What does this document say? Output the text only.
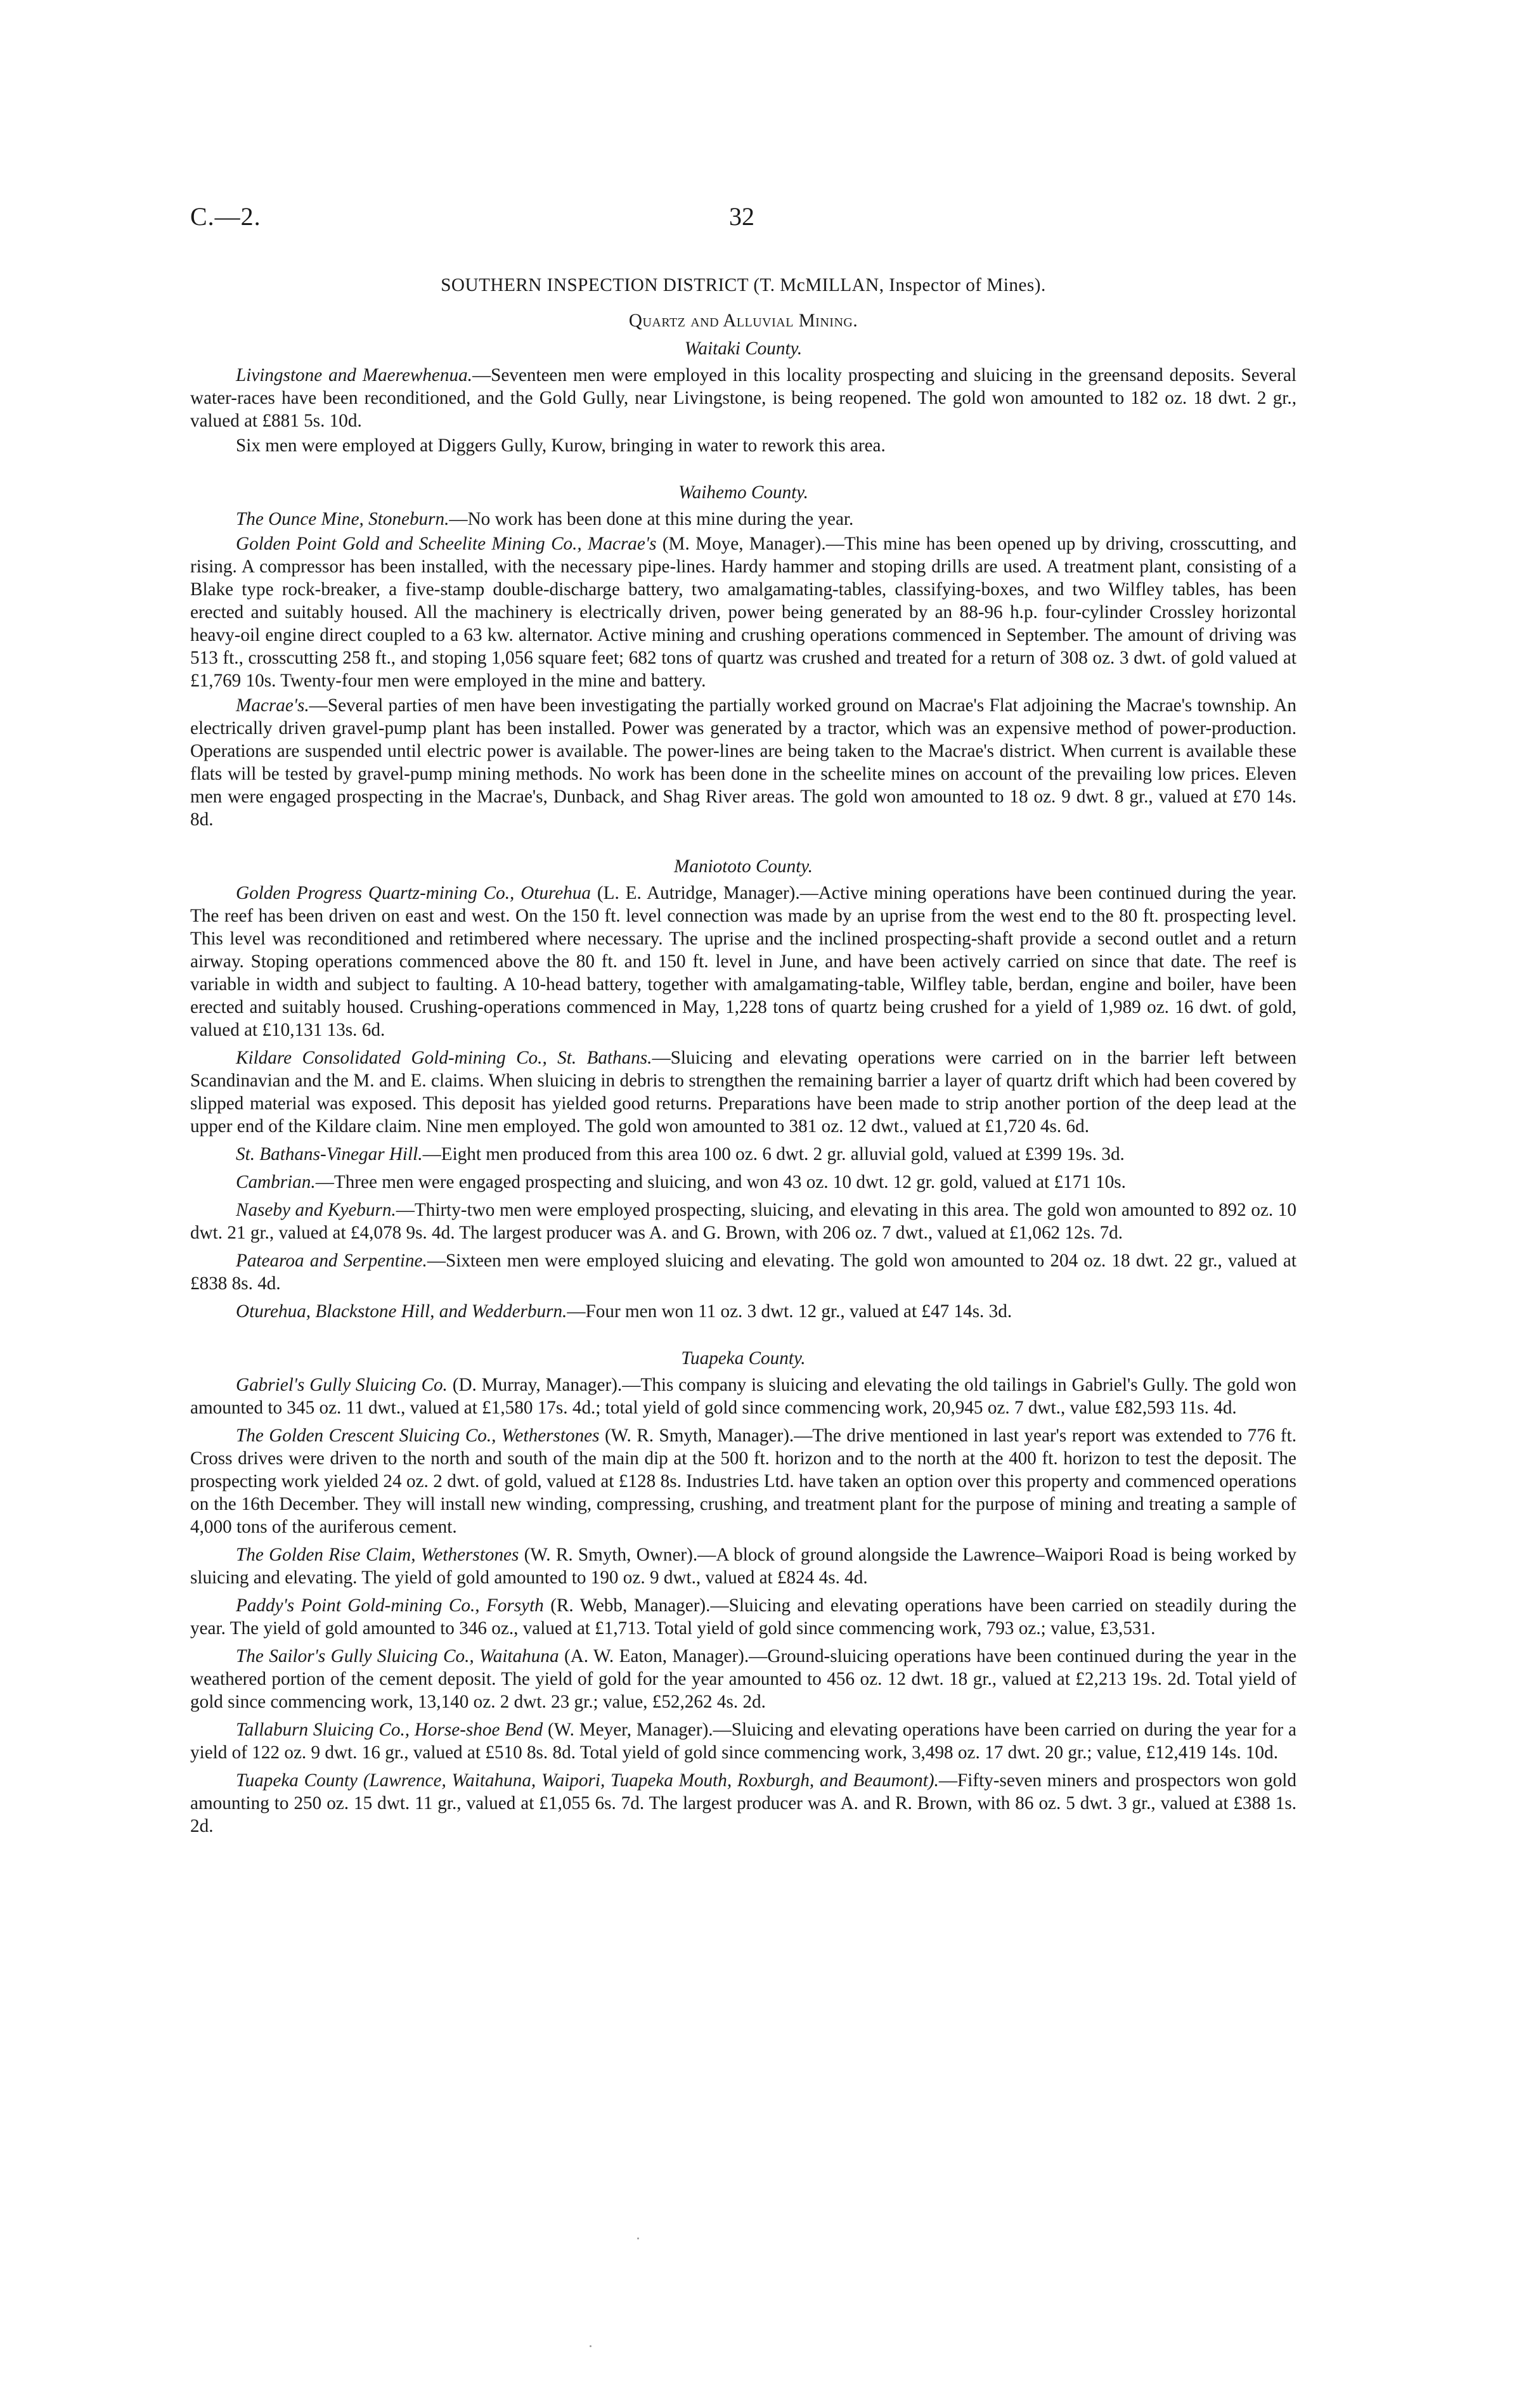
C.—2.	32
SOUTHERN INSPECTION DISTRICT (T. McMILLAN, Inspector of Mines).
Quartz and Alluvial Mining.
Waitaki County.

Livingstone and Maerewhenua.—Seventeen men were employed in this locality prospecting and sluicing in the greensand deposits. Several water-races have been reconditioned, and the Gold Gully, near Livingstone, is being reopened. The gold won amounted to 182 oz. 18 dwt. 2 gr., valued at £881 5s. 10d.

Six men were employed at Diggers Gully, Kurow, bringing in water to rework this area.

Waihemo County.

The Ounce Mine, Stoneburn.—No work has been done at this mine during the year.

Golden Point Gold and Scheelite Mining Co., Macrae's (M. Moye, Manager).—This mine has been opened up by driving, crosscutting, and rising. A compressor has been installed, with the necessary pipe-lines. Hardy hammer and stoping drills are used. A treatment plant, consisting of a Blake type rock-breaker, a five-stamp double-discharge battery, two amalgamating-tables, classifying-boxes, and two Wilfley tables, has been erected and suitably housed. All the machinery is electrically driven, power being generated by an 88-96 h.p. four-cylinder Crossley horizontal heavy-oil engine direct coupled to a 63 kw. alternator. Active mining and crushing operations commenced in September. The amount of driving was 513 ft., crosscutting 258 ft., and stoping 1,056 square feet; 682 tons of quartz was crushed and treated for a return of 308 oz. 3 dwt. of gold valued at £1,769 10s. Twenty-four men were employed in the mine and battery.

Macrae's.—Several parties of men have been investigating the partially worked ground on Macrae's Flat adjoining the Macrae's township. An electrically driven gravel-pump plant has been installed. Power was generated by a tractor, which was an expensive method of power-production. Operations are suspended until electric power is available. The power-lines are being taken to the Macrae's district. When current is available these flats will be tested by gravel-pump mining methods. No work has been done in the scheelite mines on account of the prevailing low prices. Eleven men were engaged prospecting in the Macrae's, Dunback, and Shag River areas. The gold won amounted to 18 oz. 9 dwt. 8 gr., valued at £70 14s. 8d.

Maniototo County.

Golden Progress Quartz-mining Co., Oturehua (L. E. Autridge, Manager).—Active mining operations have been continued during the year. The reef has been driven on east and west. On the 150 ft. level connection was made by an uprise from the west end to the 80 ft. prospecting level. This level was reconditioned and retimbered where necessary. The uprise and the inclined prospecting-shaft provide a second outlet and a return airway. Stoping operations commenced above the 80 ft. and 150 ft. level in June, and have been actively carried on since that date. The reef is variable in width and subject to faulting. A 10-head battery, together with amalgamating-table, Wilfley table, berdan, engine and boiler, have been erected and suitably housed. Crushing-operations commenced in May, 1,228 tons of quartz being crushed for a yield of 1,989 oz. 16 dwt. of gold, valued at £10,131 13s. 6d.

Kildare Consolidated Gold-mining Co., St. Bathans.—Sluicing and elevating operations were carried on in the barrier left between Scandinavian and the M. and E. claims. When sluicing in debris to strengthen the remaining barrier a layer of quartz drift which had been covered by slipped material was exposed. This deposit has yielded good returns. Preparations have been made to strip another portion of the deep lead at the upper end of the Kildare claim. Nine men employed. The gold won amounted to 381 oz. 12 dwt., valued at £1,720 4s. 6d.

St. Bathans-Vinegar Hill.—Eight men produced from this area 100 oz. 6 dwt. 2 gr. alluvial gold, valued at £399 19s. 3d.

Cambrian.—Three men were engaged prospecting and sluicing, and won 43 oz. 10 dwt. 12 gr. gold, valued at £171 10s.

Naseby and Kyeburn.—Thirty-two men were employed prospecting, sluicing, and elevating in this area. The gold won amounted to 892 oz. 10 dwt. 21 gr., valued at £4,078 9s. 4d. The largest producer was A. and G. Brown, with 206 oz. 7 dwt., valued at £1,062 12s. 7d.

Patearoa and Serpentine.—Sixteen men were employed sluicing and elevating. The gold won amounted to 204 oz. 18 dwt. 22 gr., valued at £838 8s. 4d.

Oturehua, Blackstone Hill, and Wedderburn.—Four men won 11 oz. 3 dwt. 12 gr., valued at £47 14s. 3d.

Tuapeka County.

Gabriel's Gully Sluicing Co. (D. Murray, Manager).—This company is sluicing and elevating the old tailings in Gabriel's Gully. The gold won amounted to 345 oz. 11 dwt., valued at £1,580 17s. 4d.; total yield of gold since commencing work, 20,945 oz. 7 dwt., value £82,593 11s. 4d.

The Golden Crescent Sluicing Co., Wetherstones (W. R. Smyth, Manager).—The drive mentioned in last year's report was extended to 776 ft. Cross drives were driven to the north and south of the main dip at the 500 ft. horizon and to the north at the 400 ft. horizon to test the deposit. The prospecting work yielded 24 oz. 2 dwt. of gold, valued at £128 8s. Industries Ltd. have taken an option over this property and commenced operations on the 16th December. They will install new winding, compressing, crushing, and treatment plant for the purpose of mining and treating a sample of 4,000 tons of the auriferous cement.

The Golden Rise Claim, Wetherstones (W. R. Smyth, Owner).—A block of ground alongside the Lawrence–Waipori Road is being worked by sluicing and elevating. The yield of gold amounted to 190 oz. 9 dwt., valued at £824 4s. 4d.

Paddy's Point Gold-mining Co., Forsyth (R. Webb, Manager).—Sluicing and elevating operations have been carried on steadily during the year. The yield of gold amounted to 346 oz., valued at £1,713. Total yield of gold since commencing work, 793 oz.; value, £3,531.

The Sailor's Gully Sluicing Co., Waitahuna (A. W. Eaton, Manager).—Ground-sluicing operations have been continued during the year in the weathered portion of the cement deposit. The yield of gold for the year amounted to 456 oz. 12 dwt. 18 gr., valued at £2,213 19s. 2d. Total yield of gold since commencing work, 13,140 oz. 2 dwt. 23 gr.; value, £52,262 4s. 2d.

Tallaburn Sluicing Co., Horse-shoe Bend (W. Meyer, Manager).—Sluicing and elevating operations have been carried on during the year for a yield of 122 oz. 9 dwt. 16 gr., valued at £510 8s. 8d. Total yield of gold since commencing work, 3,498 oz. 17 dwt. 20 gr.; value, £12,419 14s. 10d.

Tuapeka County (Lawrence, Waitahuna, Waipori, Tuapeka Mouth, Roxburgh, and Beaumont).—Fifty-seven miners and prospectors won gold amounting to 250 oz. 15 dwt. 11 gr., valued at £1,055 6s. 7d. The largest producer was A. and R. Brown, with 86 oz. 5 dwt. 3 gr., valued at £388 1s. 2d.
